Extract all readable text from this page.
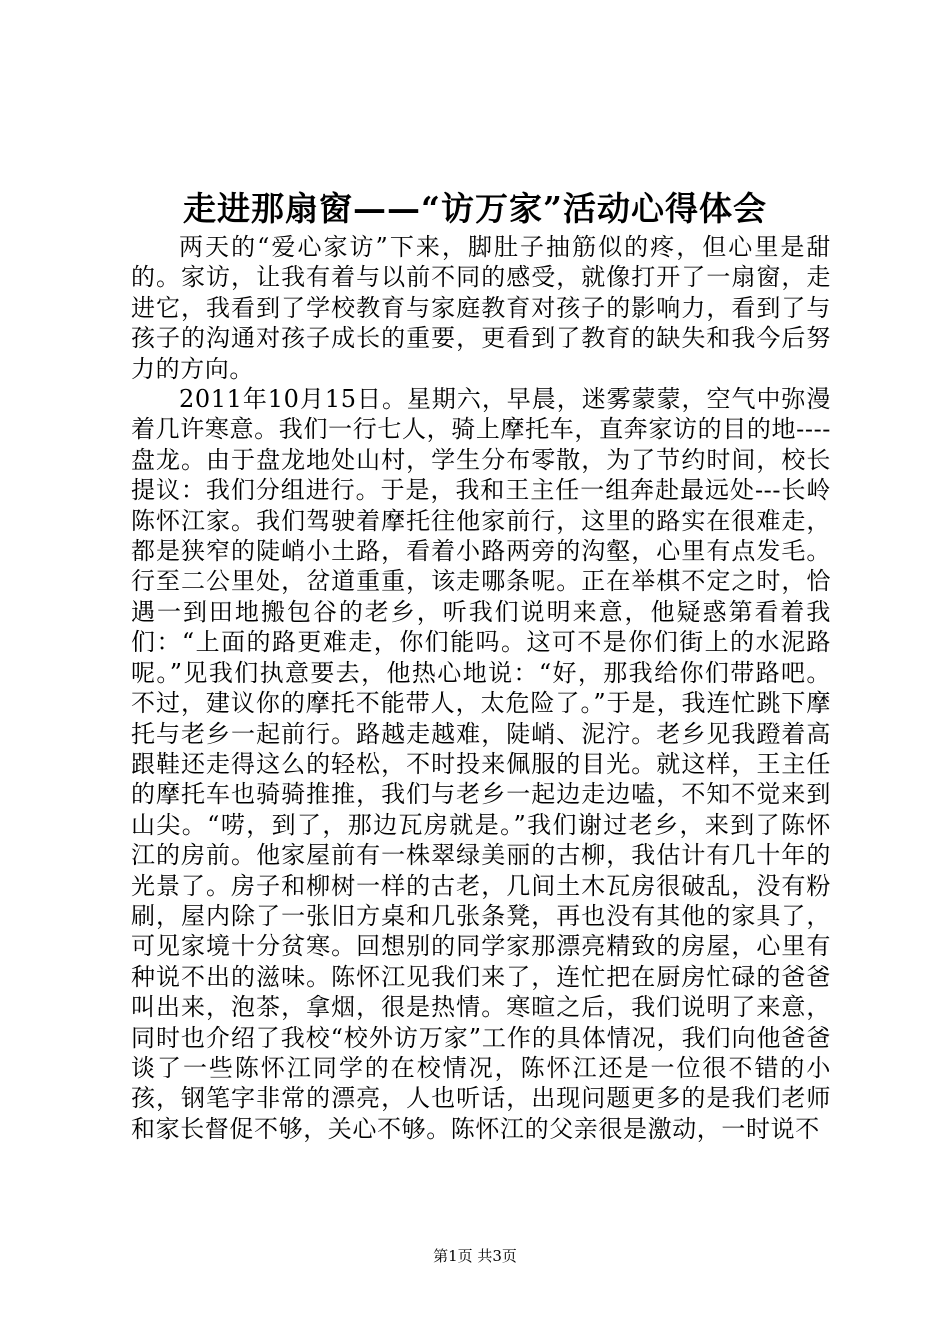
走进那扇窗——“访万家”活动心得体会

两天的“爱心家访”下来，脚肚子抽筋似的疼，但心里是甜的。家访，让我有着与以前不同的感受，就像打开了一扇窗，走进它，我看到了学校教育与家庭教育对孩子的影响力，看到了与孩子的沟通对孩子成长的重要，更看到了教育的缺失和我今后努力的方向。

2011年10月15日。星期六，早晨，迷雾蒙蒙，空气中弥漫着几许寒意。我们一行七人，骑上摩托车，直奔家访的目的地----盘龙。由于盘龙地处山村，学生分布零散，为了节约时间，校长提议：我们分组进行。于是，我和王主任一组奔赴最远处---长岭陈怀江家。我们驾驶着摩托往他家前行，这里的路实在很难走，都是狭窄的陡峭小土路，看着小路两旁的沟壑，心里有点发毛。行至二公里处，岔道重重，该走哪条呢。正在举棋不定之时，恰遇一到田地搬包谷的老乡，听我们说明来意，他疑惑第看着我们：“上面的路更难走，你们能吗。这可不是你们街上的水泥路呢。”见我们执意要去，他热心地说：“好，那我给你们带路吧。不过，建议你的摩托不能带人，太危险了。”于是，我连忙跳下摩托与老乡一起前行。路越走越难，陡峭、泥泞。老乡见我蹬着高跟鞋还走得这么的轻松，不时投来佩服的目光。就这样，王主任的摩托车也骑骑推推，我们与老乡一起边走边嗑，不知不觉来到山尖。“唠，到了，那边瓦房就是。”我们谢过老乡，来到了陈怀江的房前。他家屋前有一株翠绿美丽的古柳，我估计有几十年的光景了。房子和柳树一样的古老，几间土木瓦房很破乱，没有粉刷，屋内除了一张旧方桌和几张条凳，再也没有其他的家具了，可见家境十分贫寒。回想别的同学家那漂亮精致的房屋，心里有种说不出的滋味。陈怀江见我们来了，连忙把在厨房忙碌的爸爸叫出来，泡茶，拿烟，很是热情。寒暄之后，我们说明了来意，同时也介绍了我校“校外访万家”工作的具体情况，我们向他爸爸谈了一些陈怀江同学的在校情况，陈怀江还是一位很不错的小孩，钢笔字非常的漂亮，人也听话，出现问题更多的是我们老师和家长督促不够，关心不够。陈怀江的父亲很是激动，一时说不

第1页 共3页
